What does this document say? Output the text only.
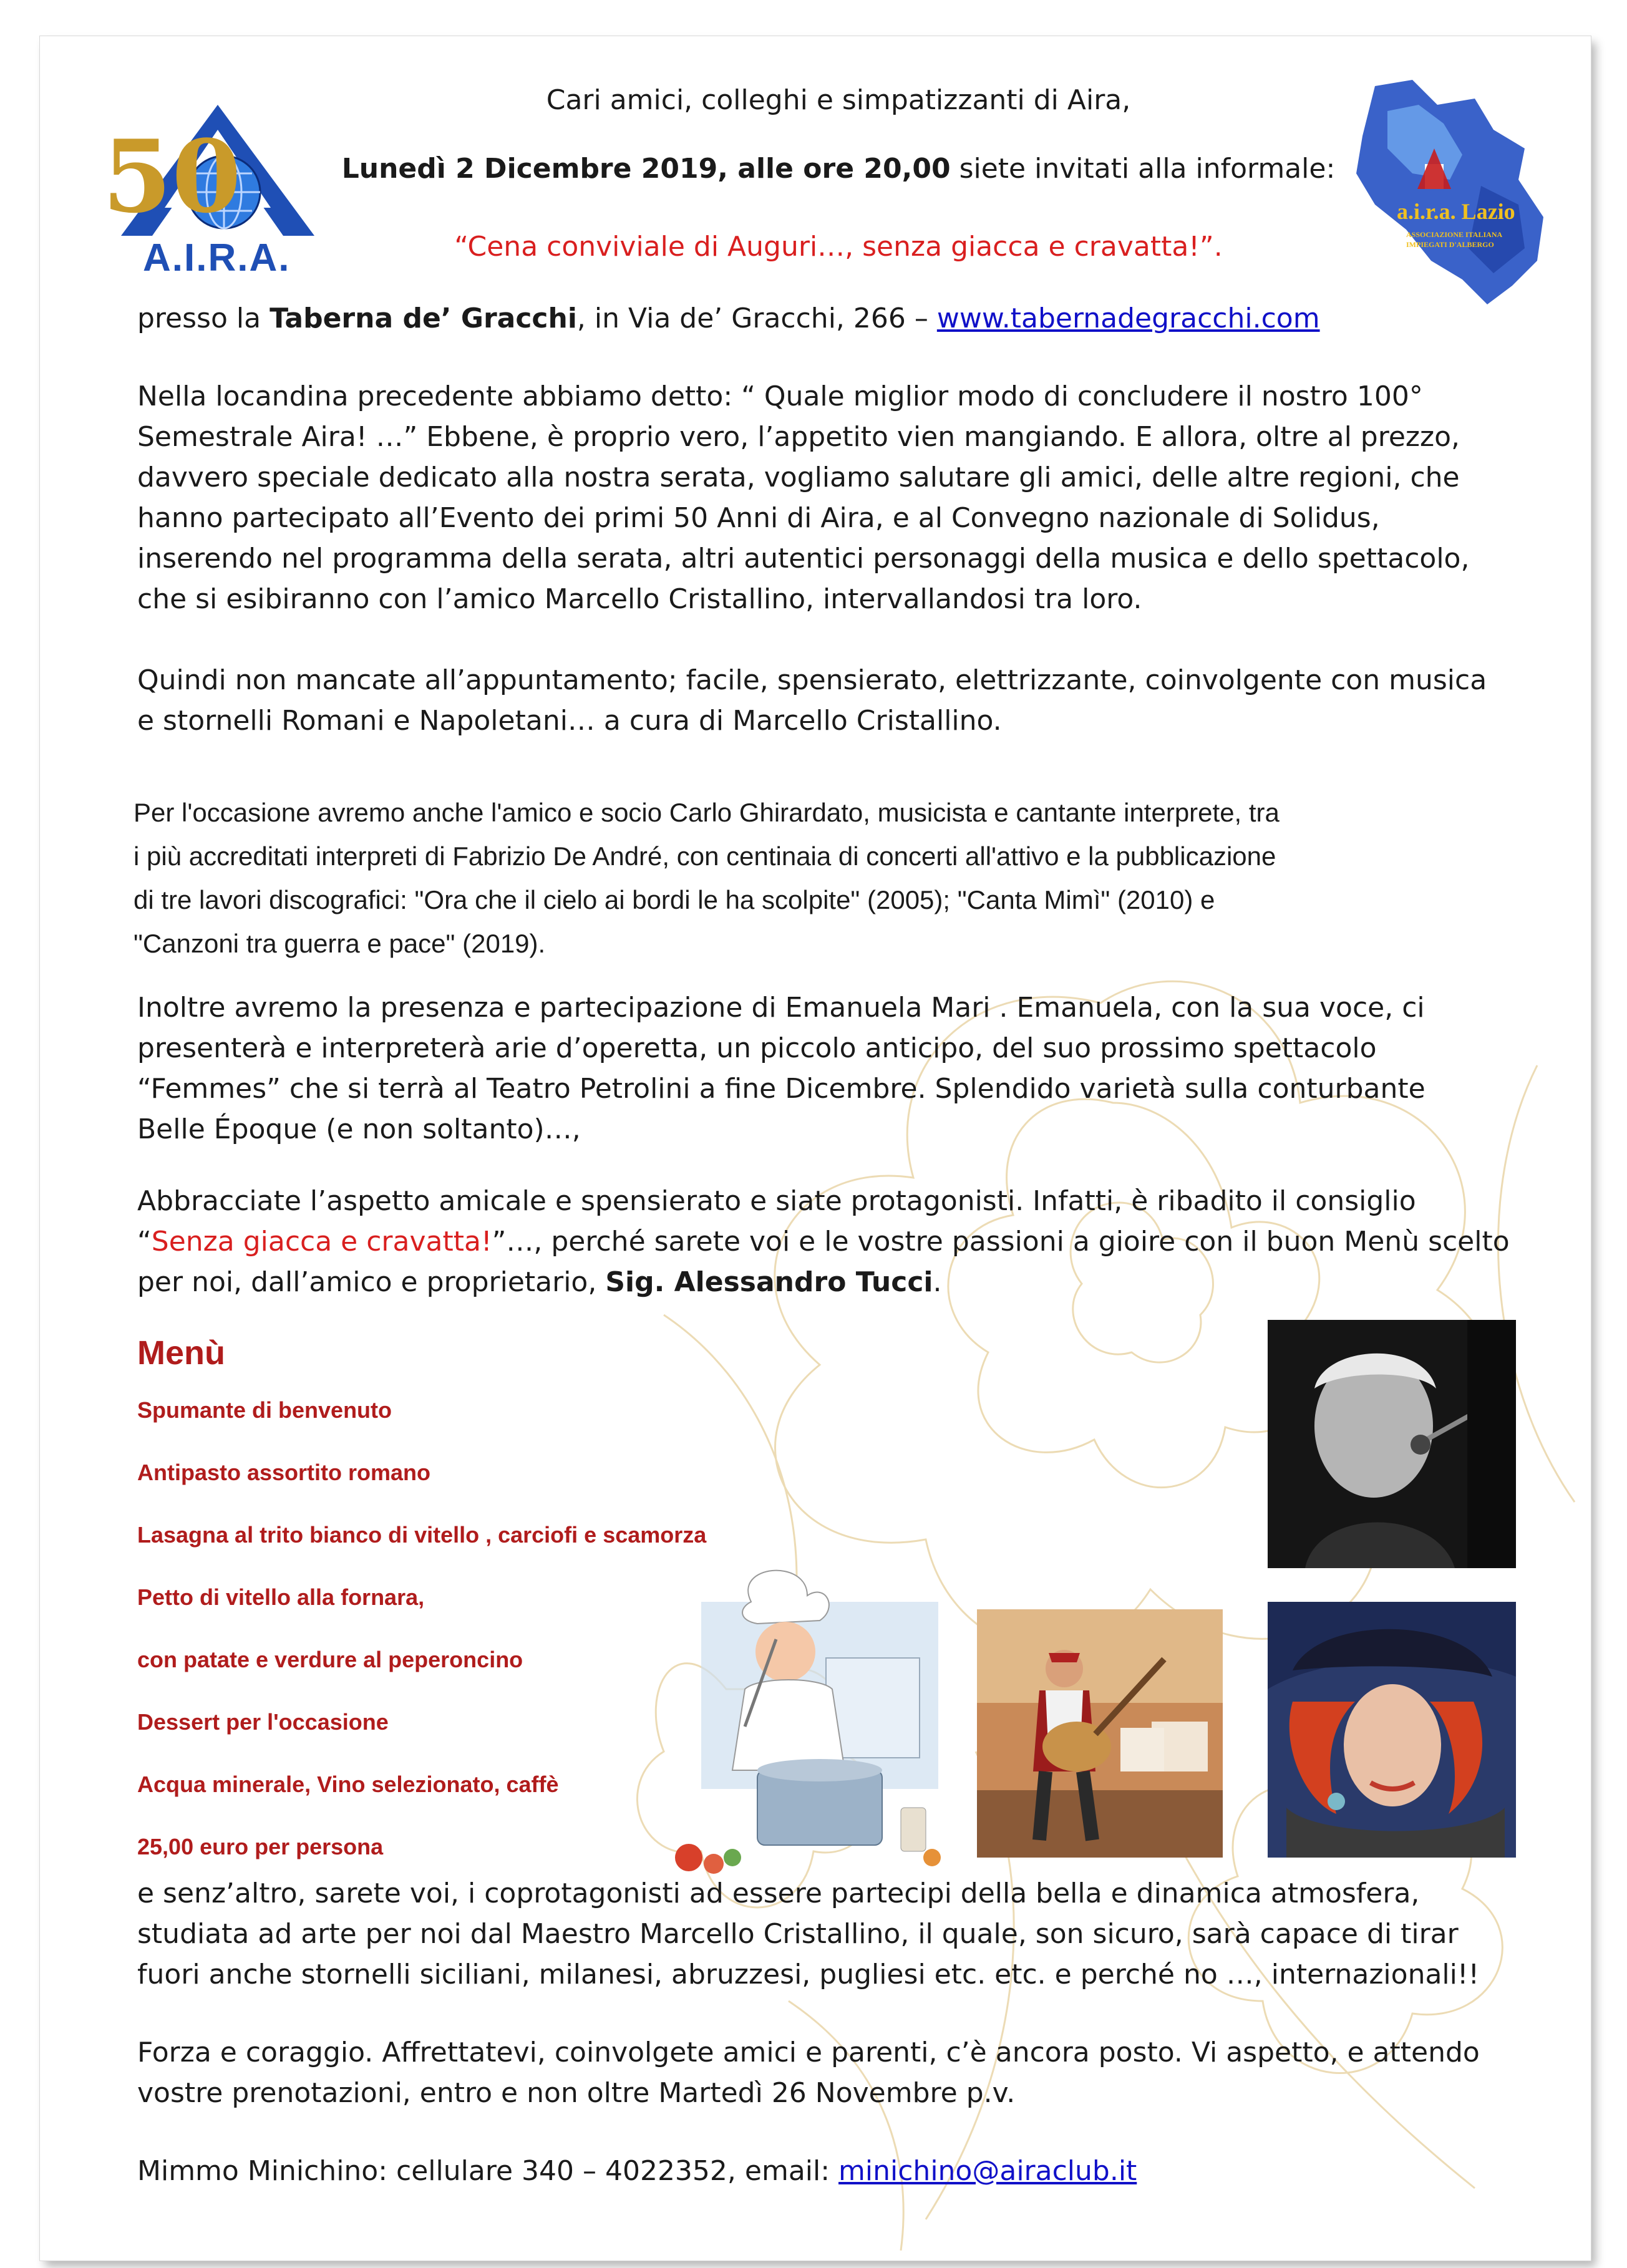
50
A.I.R.A.
a.i.r.a. Lazio
ASSOCIAZIONE ITALIANA IMPIEGATI D'ALBERGO
Cari amici, colleghi e simpatizzanti di Aira,
Lunedì 2 Dicembre 2019, alle ore 20,00 siete invitati alla informale:
“Cena conviviale di Auguri…, senza giacca e cravatta!”.
presso la Taberna de’ Gracchi, in Via de’ Gracchi, 266 – www.tabernadegracchi.com
Nella locandina precedente abbiamo detto: “ Quale miglior modo di concludere il nostro 100°
Semestrale Aira! …” Ebbene, è proprio vero, l’appetito vien mangiando. E allora, oltre al prezzo,
davvero speciale dedicato alla nostra serata, vogliamo salutare gli amici, delle altre regioni, che
hanno partecipato all’Evento dei primi 50 Anni di Aira, e al Convegno nazionale di Solidus,
inserendo nel programma della serata, altri autentici personaggi della musica e dello spettacolo,
che si esibiranno con l’amico Marcello Cristallino, intervallandosi tra loro.
Quindi non mancate all’appuntamento; facile, spensierato, elettrizzante, coinvolgente con musica
e stornelli Romani e Napoletani… a cura di Marcello Cristallino.
Per l'occasione avremo anche l'amico e socio Carlo Ghirardato, musicista e cantante interprete, tra
i più accreditati interpreti di Fabrizio De André, con centinaia di concerti all'attivo e la pubblicazione
di tre lavori discografici: "Ora che il cielo ai bordi le ha scolpite" (2005); "Canta Mimì" (2010) e
"Canzoni tra guerra e pace" (2019).
Inoltre avremo la presenza e partecipazione di Emanuela Mari . Emanuela, con la sua voce, ci
presenterà e interpreterà arie d’operetta, un piccolo anticipo, del suo prossimo spettacolo
“Femmes” che si terrà al Teatro Petrolini a fine Dicembre. Splendido varietà sulla conturbante
Belle Époque (e non soltanto)…,
Abbracciate l’aspetto amicale e spensierato e siate protagonisti. Infatti, è ribadito il consiglio
“Senza giacca e cravatta!”…, perché sarete voi e le vostre passioni a gioire con il buon Menù scelto
per noi, dall’amico e proprietario, Sig. Alessandro Tucci.
Menù
Spumante di benvenuto
Antipasto assortito romano
Lasagna al trito bianco di vitello , carciofi e scamorza
Petto di vitello alla fornara,
con patate e verdure al peperoncino
Dessert per l'occasione
Acqua minerale, Vino selezionato, caffè
25,00 euro per persona
e senz’altro, sarete voi, i coprotagonisti ad essere partecipi della bella e dinamica atmosfera,
studiata ad arte per noi dal Maestro Marcello Cristallino, il quale, son sicuro, sarà capace di tirar
fuori anche stornelli siciliani, milanesi, abruzzesi, pugliesi etc. etc. e perché no …, internazionali!!
Forza e coraggio. Affrettatevi, coinvolgete amici e parenti, c’è ancora posto. Vi aspetto, e attendo
vostre prenotazioni, entro e non oltre Martedì 26 Novembre p.v.
Mimmo Minichino: cellulare 340 – 4022352, email: minichino@airaclub.it
